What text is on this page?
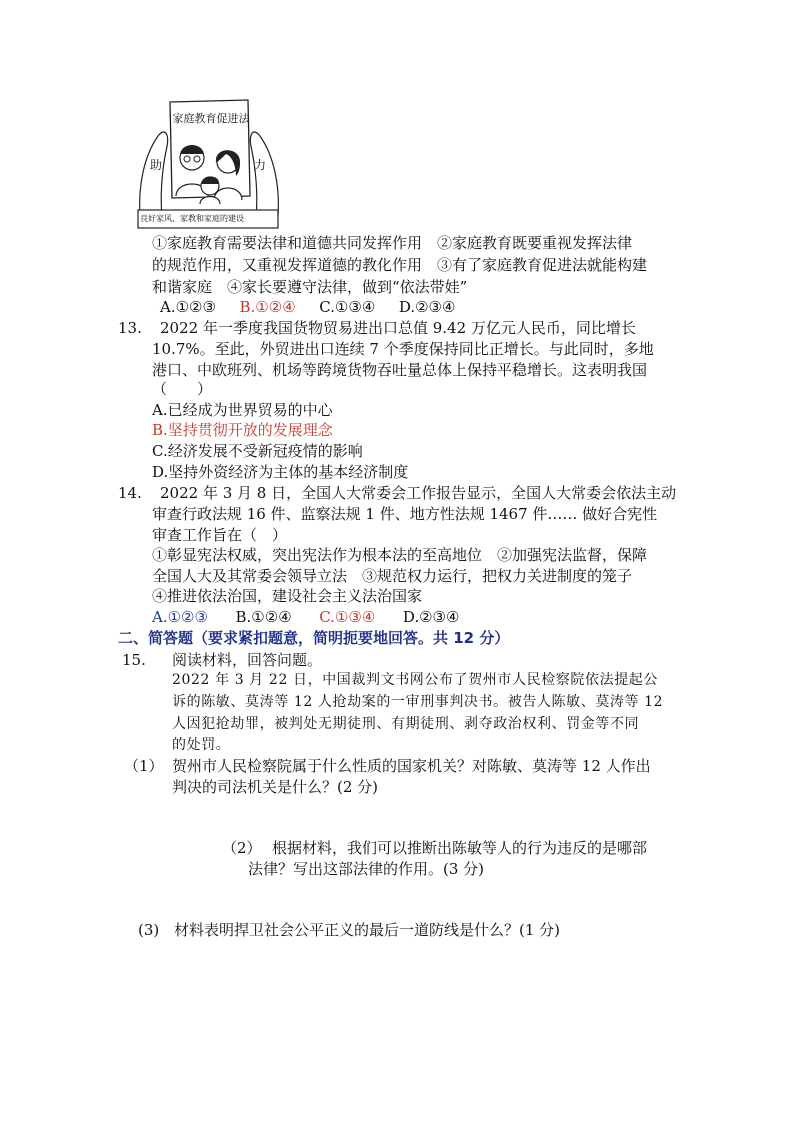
家庭教育促进法
助	力
良好家风、家教和家庭的建设
①家庭教育需要法律和道德共同发挥作用　②家庭教育既要重视发挥法律
的规范作用，又重视发挥道德的教化作用　③有了家庭教育促进法就能构建
和谐家庭　④家长要遵守法律，做到“依法带娃”
A.①②③ B.①②④ C.①③④ D.②③④
13. 2022 年一季度我国货物贸易进出口总值 9.42 万亿元人民币，同比增长
10.7%。至此，外贸进出口连续 7 个季度保持同比正增长。与此同时，多地
港口、中欧班列、机场等跨境货物吞吐量总体上保持平稳增长。这表明我国
（　　）
A.已经成为世界贸易的中心
B.坚持贯彻开放的发展理念
C.经济发展不受新冠疫情的影响
D.坚持外资经济为主体的基本经济制度
14. 2022 年 3 月 8 日，全国人大常委会工作报告显示，全国人大常委会依法主动
审查行政法规 16 件、监察法规 1 件、地方性法规 1467 件…… 做好合宪性
审查工作旨在（　）
①彰显宪法权威，突出宪法作为根本法的至高地位　②加强宪法监督，保障
全国人大及其常委会领导立法　③规范权力运行，把权力关进制度的笼子
④推进依法治国，建设社会主义法治国家
A.①②③ B.①②④ C.①③④ D.②③④
二、简答题（要求紧扣题意，简明扼要地回答。共 12 分）
15. 阅读材料，回答问题。
2022 年 3 月 22 日，中国裁判文书网公布了贺州市人民检察院依法提起公
诉的陈敏、莫涛等 12 人抢劫案的一审刑事判决书。被告人陈敏、莫涛等 12
人因犯抢劫罪，被判处无期徒刑、有期徒刑、剥夺政治权利、罚金等不同
的处罚。
（1） 贺州市人民检察院属于什么性质的国家机关？对陈敏、莫涛等 12 人作出
判决的司法机关是什么？(2 分)
（2） 根据材料，我们可以推断出陈敏等人的行为违反的是哪部
法律？写出这部法律的作用。(3 分)
(3) 材料表明捍卫社会公平正义的最后一道防线是什么？(1 分)
